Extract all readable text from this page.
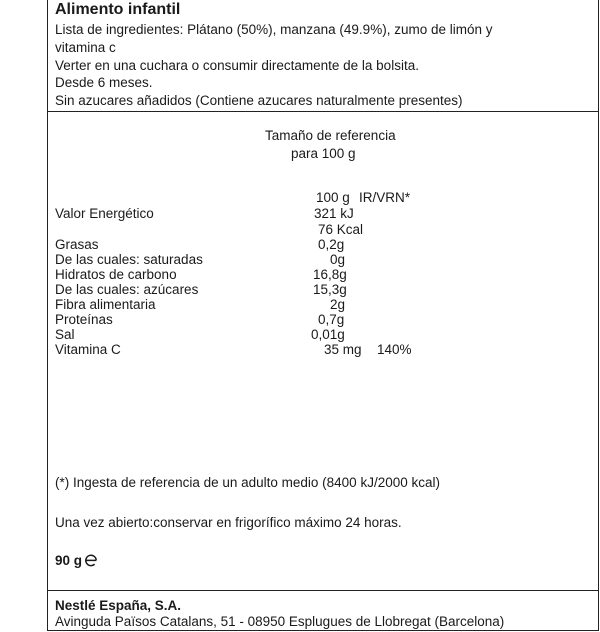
Alimento infantil
Lista de ingredientes: Plátano (50%), manzana (49.9%), zumo de limón y
vitamina c
Verter en una cuchara o consumir directamente de la bolsita.
Desde 6 meses.
Sin azucares añadidos (Contiene azucares naturalmente presentes)
Tamaño de referencia
para 100 g
100 g IR/VRN*
Valor Energético	321 kJ
76 Kcal
Grasas	0,2g
De las cuales: saturadas	0g
Hidratos de carbono	16,8g
De las cuales: azúcares	15,3g
Fibra alimentaria	2g
Proteínas	0,7g
Sal	0,01g
Vitamina C	35 mg 140%
(*) Ingesta de referencia de un adulto medio (8400 kJ/2000 kcal)
Una vez abierto:conservar en frigorífico máximo 24 horas.
90 g
Nestlé España, S.A.
Avinguda Països Catalans, 51 - 08950 Esplugues de Llobregat (Barcelona)
